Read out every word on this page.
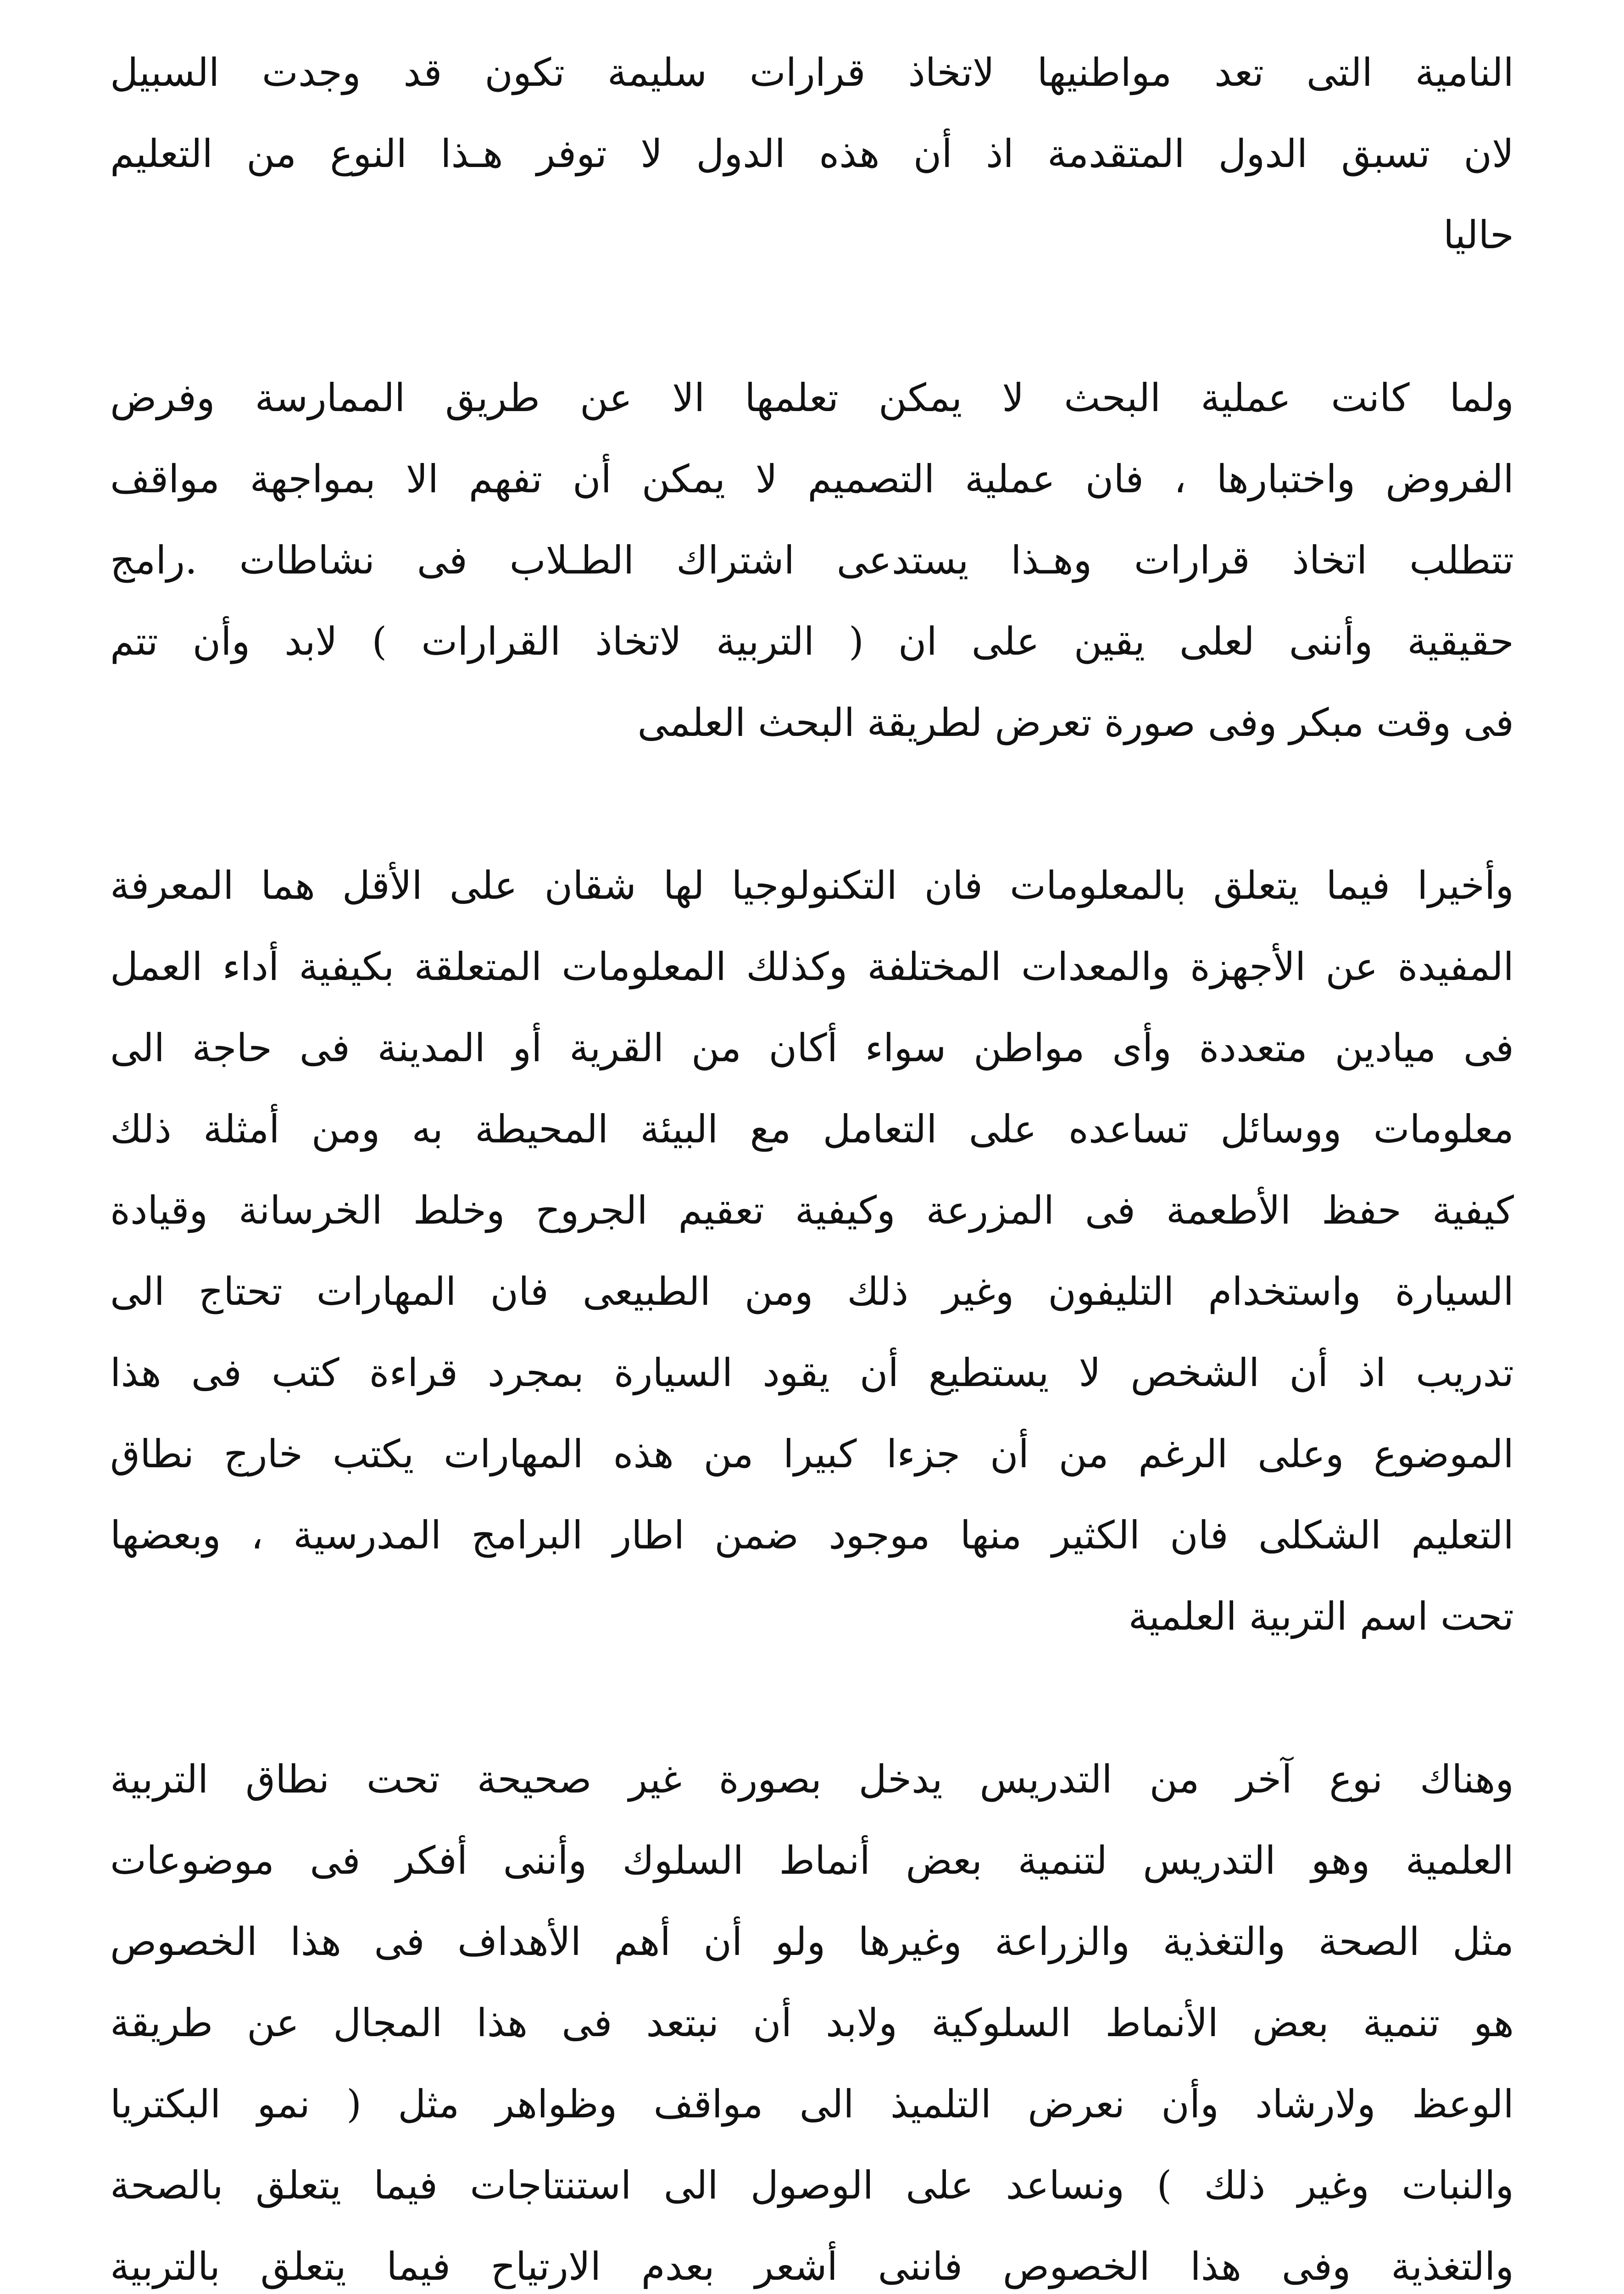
النامية التى تعد مواطنيها لاتخاذ قرارات سليمة تكون قد وجدت السبيل
لان تسبق الدول المتقدمة اذ أن هذه الدول لا توفر هـذا النوع من التعليم
حاليا
ولما كانت عملية البحث لا يمكن تعلمها الا عن طريق الممارسة وفرض
الفروض واختبارها ، فان عملية التصميم لا يمكن أن تفهم الا بمواجهة مواقف
تتطلب اتخاذ قرارات وهـذا يستدعى اشتراك الطـلاب فى نشاطات .رامج
حقيقية وأننى لعلى يقين على ان ( التربية لاتخاذ القرارات ) لابد وأن تتم
فى وقت مبكر وفى صورة تعرض لطريقة البحث العلمى
وأخيرا فيما يتعلق بالمعلومات فان التكنولوجيا لها شقان على الأقل هما المعرفة
المفيدة عن الأجهزة والمعدات المختلفة وكذلك المعلومات المتعلقة بكيفية أداء العمل
فى ميادين متعددة وأى مواطن سواء أكان من القرية أو المدينة فى حاجة الى
معلومات ووسائل تساعده على التعامل مع البيئة المحيطة به ومن أمثلة ذلك
كيفية حفظ الأطعمة فى المزرعة وكيفية تعقيم الجروح وخلط الخرسانة وقيادة
السيارة واستخدام التليفون وغير ذلك ومن الطبيعى فان المهارات تحتاج الى
تدريب اذ أن الشخص لا يستطيع أن يقود السيارة بمجرد قراءة كتب فى هذا
الموضوع وعلى الرغم من أن جزءا كبيرا من هذه المهارات يكتب خارج نطاق
التعليم الشكلى فان الكثير منها موجود ضمن اطار البرامج المدرسية ، وبعضها
تحت اسم التربية العلمية
وهناك نوع آخر من التدريس يدخل بصورة غير صحيحة تحت نطاق التربية
العلمية وهو التدريس لتنمية بعض أنماط السلوك وأننى أفكر فى موضوعات
مثل الصحة والتغذية والزراعة وغيرها ولو أن أهم الأهداف فى هذا الخصوص
هو تنمية بعض الأنماط السلوكية ولابد أن نبتعد فى هذا المجال عن طريقة
الوعظ ولارشاد وأن نعرض التلميذ الى مواقف وظواهر مثل ( نمو البكتريا
والنبات وغير ذلك ) ونساعد على الوصول الى استنتاجات فيما يتعلق بالصحة
والتغذية وفى هذا الخصوص فاننى أشعر بعدم الارتياح فيما يتعلق بالتربية
